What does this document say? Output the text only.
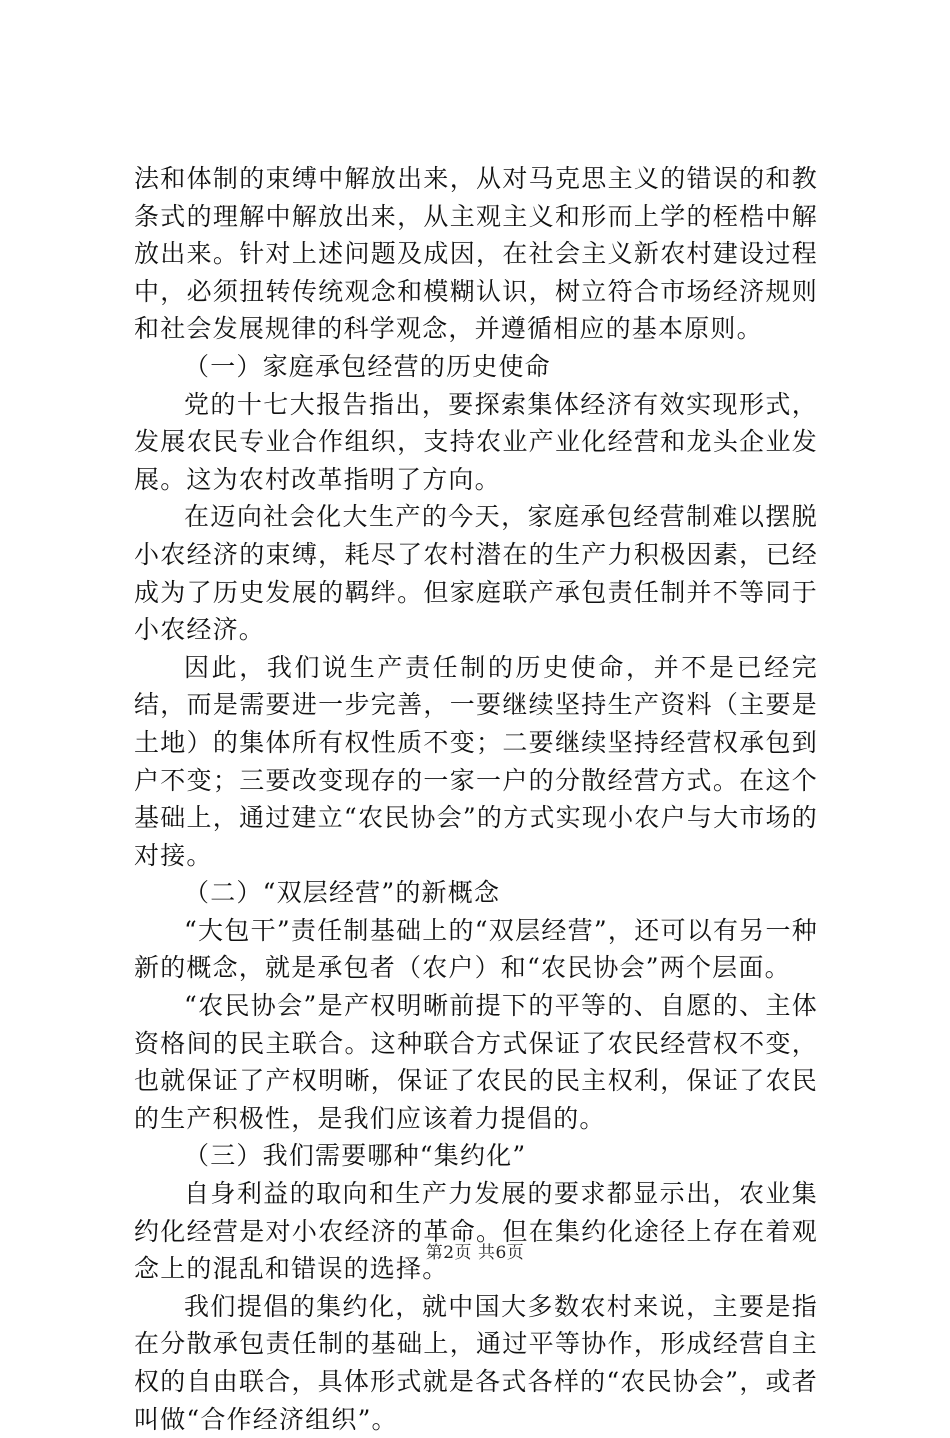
法和体制的束缚中解放出来，从对马克思主义的错误的和教条式的理解中解放出来，从主观主义和形而上学的桎梏中解放出来。针对上述问题及成因，在社会主义新农村建设过程中，必须扭转传统观念和模糊认识，树立符合市场经济规则和社会发展规律的科学观念，并遵循相应的基本原则。

（一）家庭承包经营的历史使命

党的十七大报告指出，要探索集体经济有效实现形式，发展农民专业合作组织，支持农业产业化经营和龙头企业发展。这为农村改革指明了方向。

在迈向社会化大生产的今天，家庭承包经营制难以摆脱小农经济的束缚，耗尽了农村潜在的生产力积极因素，已经成为了历史发展的羁绊。但家庭联产承包责任制并不等同于小农经济。

因此，我们说生产责任制的历史使命，并不是已经完结，而是需要进一步完善，一要继续坚持生产资料（主要是土地）的集体所有权性质不变；二要继续坚持经营权承包到户不变；三要改变现存的一家一户的分散经营方式。在这个基础上，通过建立“农民协会”的方式实现小农户与大市场的对接。

（二）“双层经营”的新概念

“大包干”责任制基础上的“双层经营”，还可以有另一种新的概念，就是承包者（农户）和“农民协会”两个层面。

“农民协会”是产权明晰前提下的平等的、自愿的、主体资格间的民主联合。这种联合方式保证了农民经营权不变，也就保证了产权明晰，保证了农民的民主权利，保证了农民的生产积极性，是我们应该着力提倡的。

（三）我们需要哪种“集约化”

自身利益的取向和生产力发展的要求都显示出，农业集约化经营是对小农经济的革命。但在集约化途径上存在着观念上的混乱和错误的选择。

我们提倡的集约化，就中国大多数农村来说，主要是指在分散承包责任制的基础上，通过平等协作，形成经营自主权的自由联合，具体形式就是各式各样的“农民协会”，或者叫做“合作经济组织”。

第2页 共6页
